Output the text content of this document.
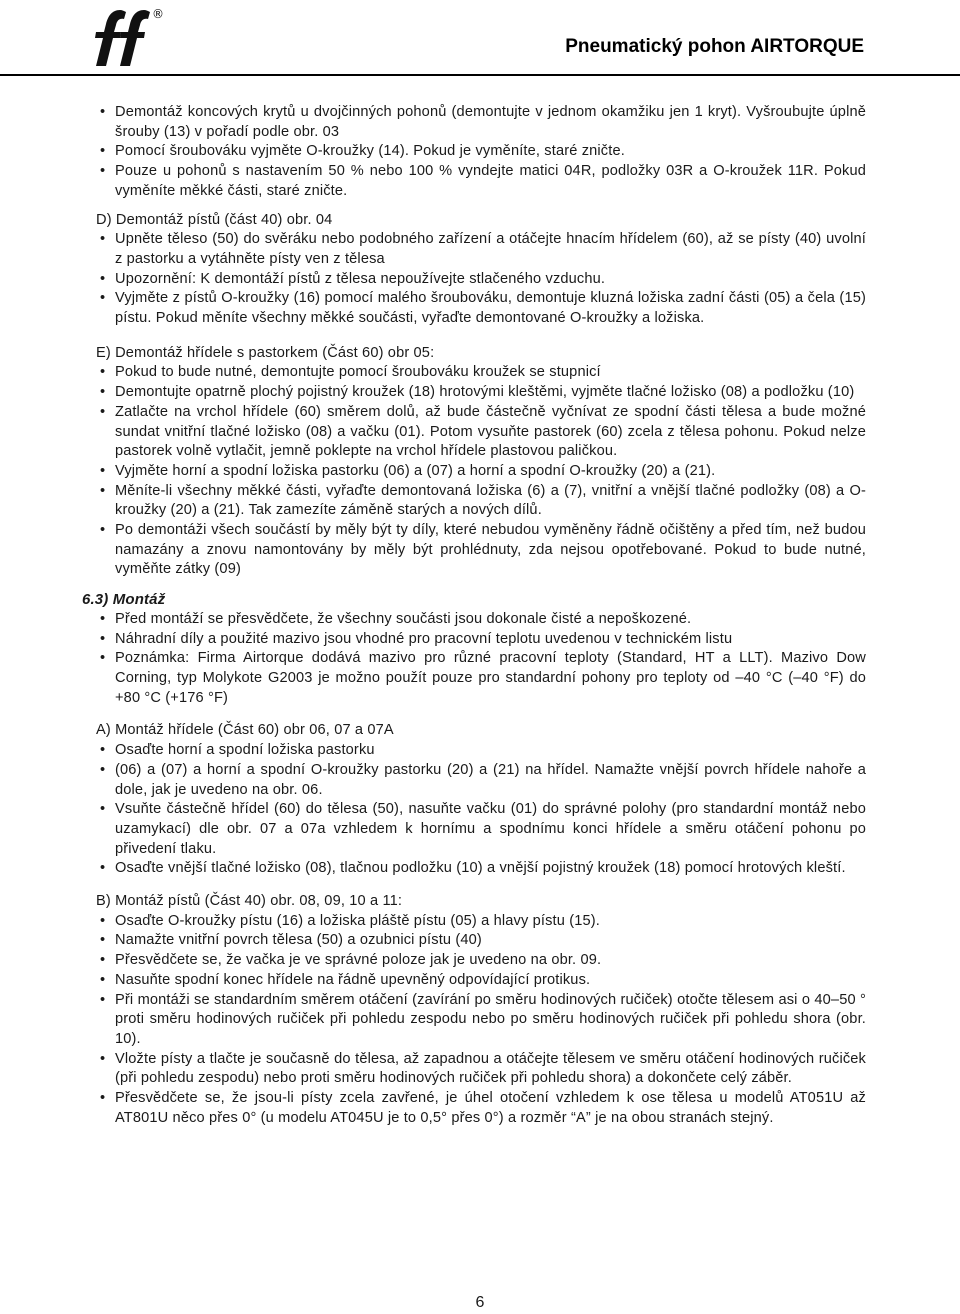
®
Pneumatický pohon AIRTORQUE
• Demontáž koncových krytů u dvojčinných pohonů (demontujte v jednom okamžiku jen 1 kryt). Vyšroubujte úplně šrouby (13) v pořadí podle obr. 03
• Pomocí šroubováku vyjměte O-kroužky (14). Pokud je vyměníte, staré zničte.
• Pouze u pohonů s nastavením 50 % nebo 100 % vyndejte matici 04R, podložky 03R a O-kroužek 11R. Pokud vyměníte měkké části, staré zničte.
D) Demontáž pístů (část 40) obr. 04
• Upněte těleso (50) do svěráku nebo podobného zařízení a otáčejte hnacím hřídelem (60), až se písty (40) uvolní z pastorku a vytáhněte písty ven z tělesa
• Upozornění: K demontáží pístů z tělesa nepoužívejte stlačeného vzduchu.
• Vyjměte z pístů O-kroužky (16) pomocí malého šroubováku, demontuje kluzná ložiska zadní části (05) a čela (15) pístu. Pokud měníte všechny měkké součásti, vyřaďte demontované O-kroužky a ložiska.
E) Demontáž hřídele s pastorkem (Část 60) obr 05:
• Pokud to bude nutné, demontujte pomocí šroubováku kroužek se stupnicí
• Demontujte opatrně plochý pojistný kroužek (18) hrotovými kleštěmi, vyjměte tlačné ložisko (08) a podložku (10)
• Zatlačte na vrchol hřídele (60) směrem dolů, až bude částečně vyčnívat ze spodní části tělesa a bude možné sundat vnitřní tlačné ložisko (08) a vačku (01). Potom vysuňte pastorek (60) zcela z tělesa pohonu. Pokud nelze pastorek volně vytlačit, jemně poklepte na vrchol hřídele plastovou paličkou.
• Vyjměte horní a spodní ložiska pastorku (06) a (07) a horní a spodní O-kroužky (20) a (21).
• Měníte-li všechny měkké části, vyřaďte demontovaná ložiska (6) a (7), vnitřní a vnější tlačné podložky (08) a O-kroužky (20) a (21). Tak zamezíte záměně starých a nových dílů.
• Po demontáži všech součástí by měly být ty díly, které nebudou vyměněny řádně očištěny a před tím, než budou namazány a znovu namontovány by měly být prohlédnuty, zda nejsou opotřebované. Pokud to bude nutné, vyměňte zátky (09)
6.3) Montáž
• Před montáží se přesvědčete, že všechny součásti jsou dokonale čisté a nepoškozené.
• Náhradní díly a použité mazivo jsou vhodné pro pracovní teplotu uvedenou v technickém listu
• Poznámka: Firma Airtorque dodává mazivo pro různé pracovní teploty (Standard, HT a LLT). Mazivo Dow Corning, typ Molykote G2003 je možno použít pouze pro standardní pohony pro teploty od –40 °C (–40 °F) do +80 °C (+176 °F)
A) Montáž hřídele (Část 60) obr 06, 07 a 07A
• Osaďte horní a spodní ložiska pastorku
• (06) a (07) a horní a spodní O-kroužky pastorku (20) a (21) na hřídel. Namažte vnější povrch hřídele nahoře a dole, jak je uvedeno na obr. 06.
• Vsuňte částečně hřídel (60) do tělesa (50), nasuňte vačku (01) do správné polohy (pro standardní montáž nebo uzamykací) dle obr. 07 a 07a vzhledem k hornímu a spodnímu konci hřídele a směru otáčení pohonu po přivedení tlaku.
• Osaďte vnější tlačné ložisko (08), tlačnou podložku (10) a vnější pojistný kroužek (18) pomocí hrotových kleští.
B) Montáž pístů (Část 40) obr. 08, 09, 10 a 11:
• Osaďte O-kroužky pístu (16) a ložiska pláště pístu (05) a hlavy pístu (15).
• Namažte vnitřní povrch tělesa (50) a ozubnici pístu (40)
• Přesvědčete se, že vačka je ve správné poloze jak je uvedeno na obr. 09.
• Nasuňte spodní konec hřídele na řádně upevněný odpovídající protikus.
• Při montáži se standardním směrem otáčení (zavírání po směru hodinových ručiček) otočte tělesem asi o 40–50 ° proti směru hodinových ručiček při pohledu zespodu nebo po směru hodinových ručiček při pohledu shora (obr. 10).
• Vložte písty a tlačte je současně do tělesa, až zapadnou a otáčejte tělesem ve směru otáčení hodinových ručiček (při pohledu zespodu) nebo proti směru hodinových ručiček při pohledu shora) a dokončete celý záběr.
• Přesvědčete se, že jsou-li písty zcela zavřené, je úhel otočení vzhledem k ose tělesa u modelů AT051U až AT801U něco přes 0° (u modelu AT045U je to 0,5° přes 0°) a rozměr “A” je na obou stranách stejný.
6
